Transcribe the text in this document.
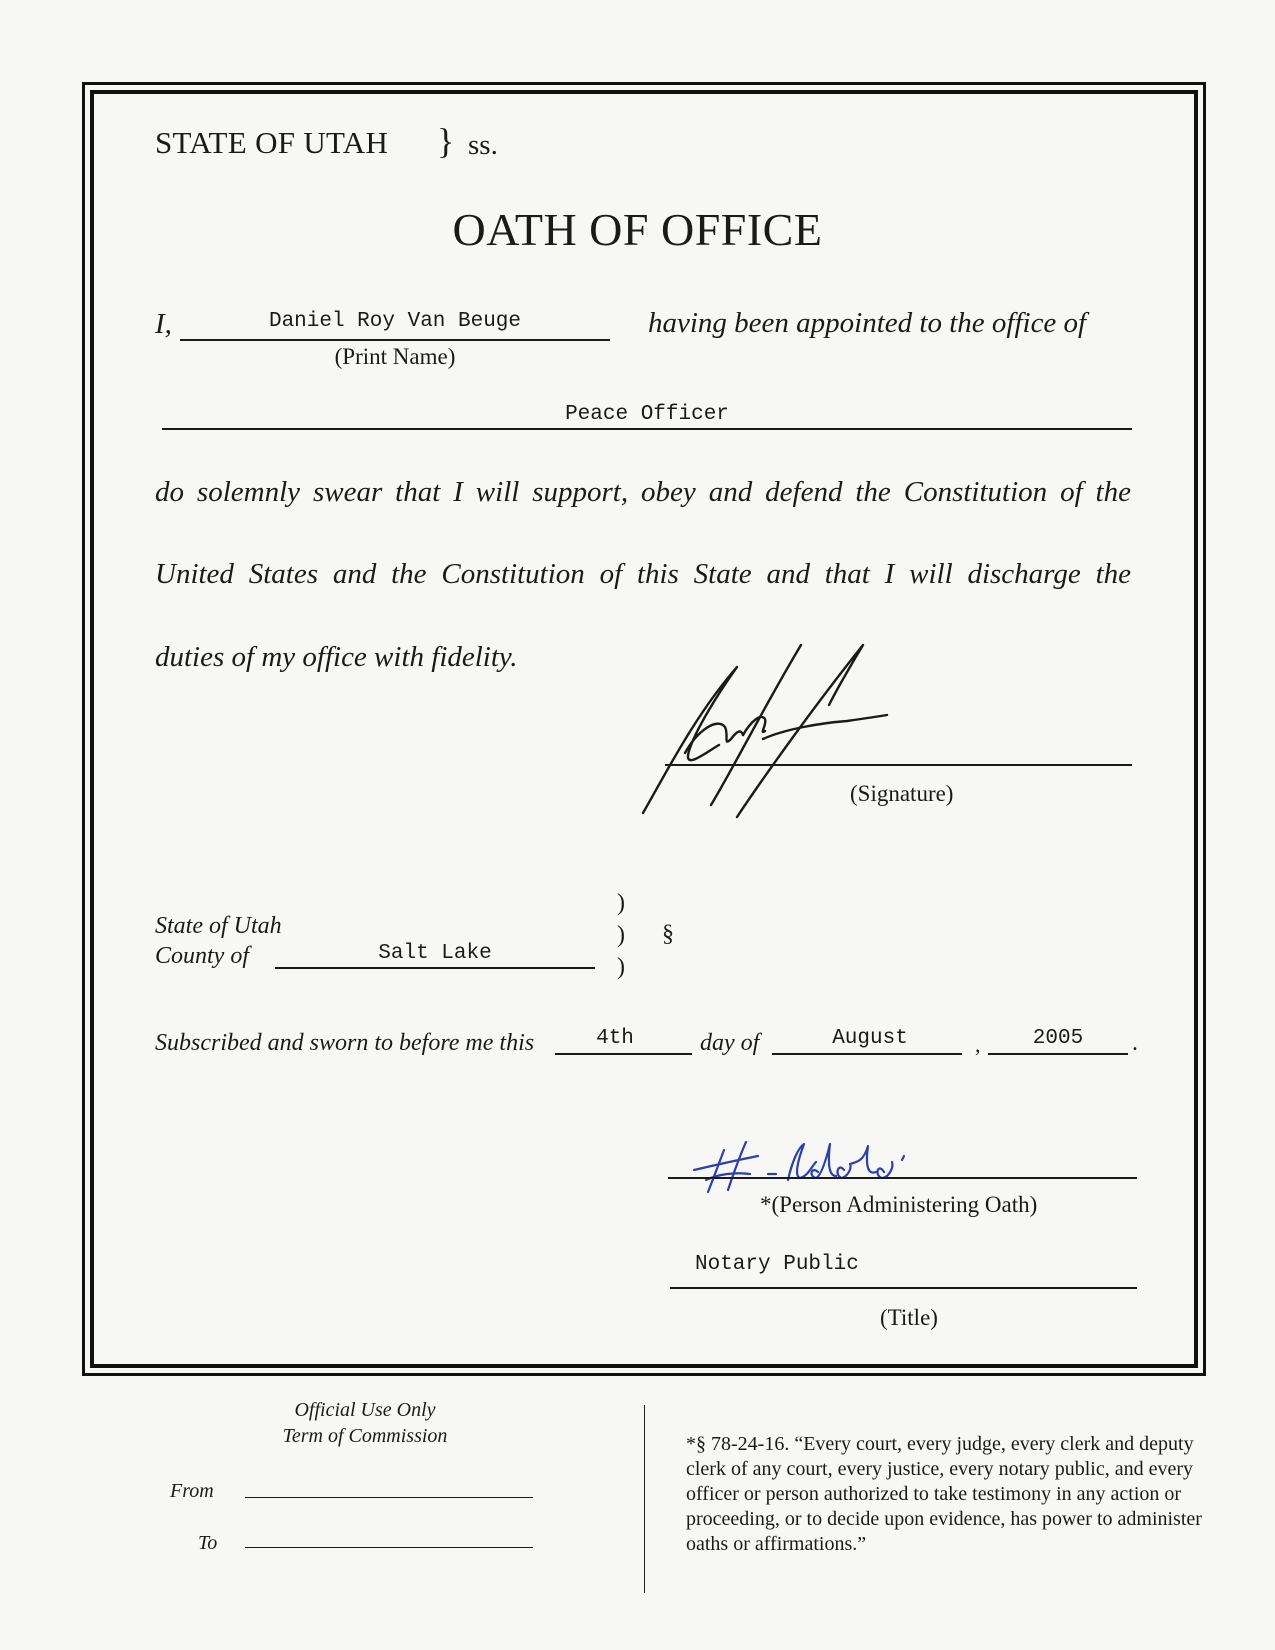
STATE OF UTAH } ss.
OATH OF OFFICE
I,	Daniel Roy Van Beuge
(Print Name)
having been appointed to the office of
Peace Officer
do solemnly swear that I will support, obey and defend the Constitution of the
United States and the Constitution of this State and that I will discharge the
duties of my office with fidelity.
(Signature)
State of Utah
County of	Salt Lake
)
)
)
§
Subscribed and sworn to before me this	4th	day of	August	,	2005	.
*(Person Administering Oath)
Notary Public
(Title)
Official Use Only
Term of Commission
From
To
*§ 78-24-16. “Every court, every judge, every clerk and deputy clerk of any court, every justice, every notary public, and every officer or person authorized to take testimony in any action or proceeding, or to decide upon evidence, has power to administer oaths or affirmations.”
